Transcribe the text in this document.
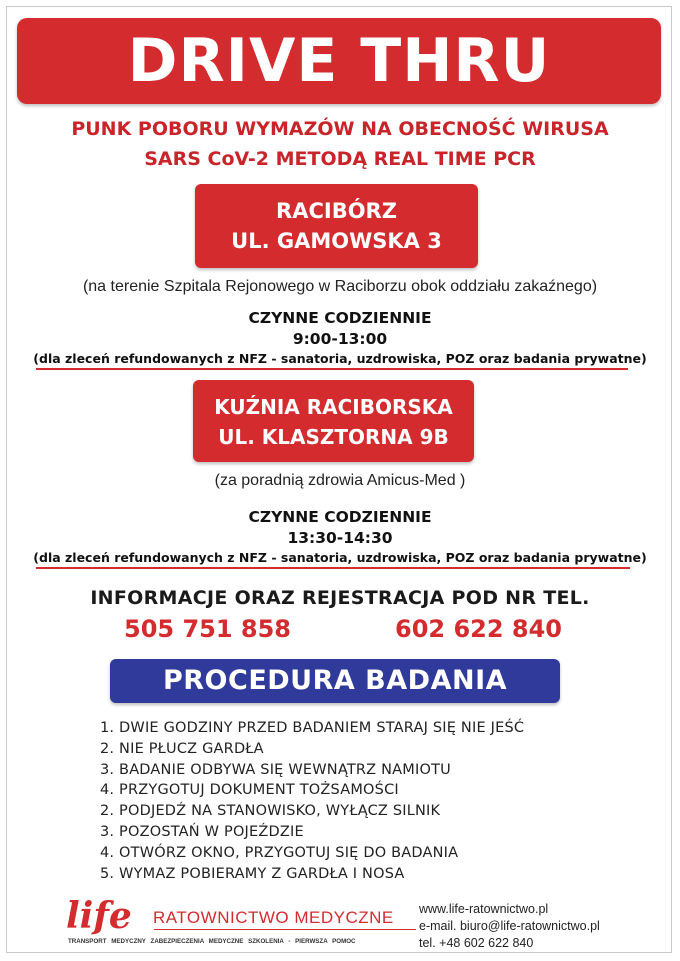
DRIVE THRU
PUNK POBORU WYMAZÓW NA OBECNOŚĆ WIRUSA
SARS CoV-2 METODĄ REAL TIME PCR
RACIBÓRZ
UL. GAMOWSKA 3
(na terenie Szpitala Rejonowego w Raciborzu obok oddziału zakaźnego)
CZYNNE CODZIENNIE
9:00-13:00
(dla zleceń refundowanych z NFZ - sanatoria, uzdrowiska, POZ oraz badania prywatne)
KUŹNIA RACIBORSKA
UL. KLASZTORNA 9B
(za poradnią zdrowia Amicus-Med )
CZYNNE CODZIENNIE
13:30-14:30
(dla zleceń refundowanych z NFZ - sanatoria, uzdrowiska, POZ oraz badania prywatne)
INFORMACJE ORAZ REJESTRACJA POD NR TEL.
505 751 858	602 622 840
PROCEDURA BADANIA
1. DWIE GODZINY PRZED BADANIEM STARAJ SIĘ NIE JEŚĆ
2. NIE PŁUCZ GARDŁA
3. BADANIE ODBYWA SIĘ WEWNĄTRZ NAMIOTU
4. PRZYGOTUJ DOKUMENT TOŻSAMOŚCI
2. PODJEDŹ NA STANOWISKO, WYŁĄCZ SILNIK
3. POZOSTAŃ W POJEŹDZIE
4. OTWÓRZ OKNO, PRZYGOTUJ SIĘ DO BADANIA
5. WYMAZ POBIERAMY Z GARDŁA I NOSA
life RATOWNICTWO MEDYCZNE
TRANSPORT MEDYCZNY ZABEZPIECZENIA MEDYCZNE SZKOLENIA - PIERWSZA POMOC
www.life-ratownictwo.pl
e-mail. biuro@life-ratownictwo.pl
tel. +48 602 622 840
